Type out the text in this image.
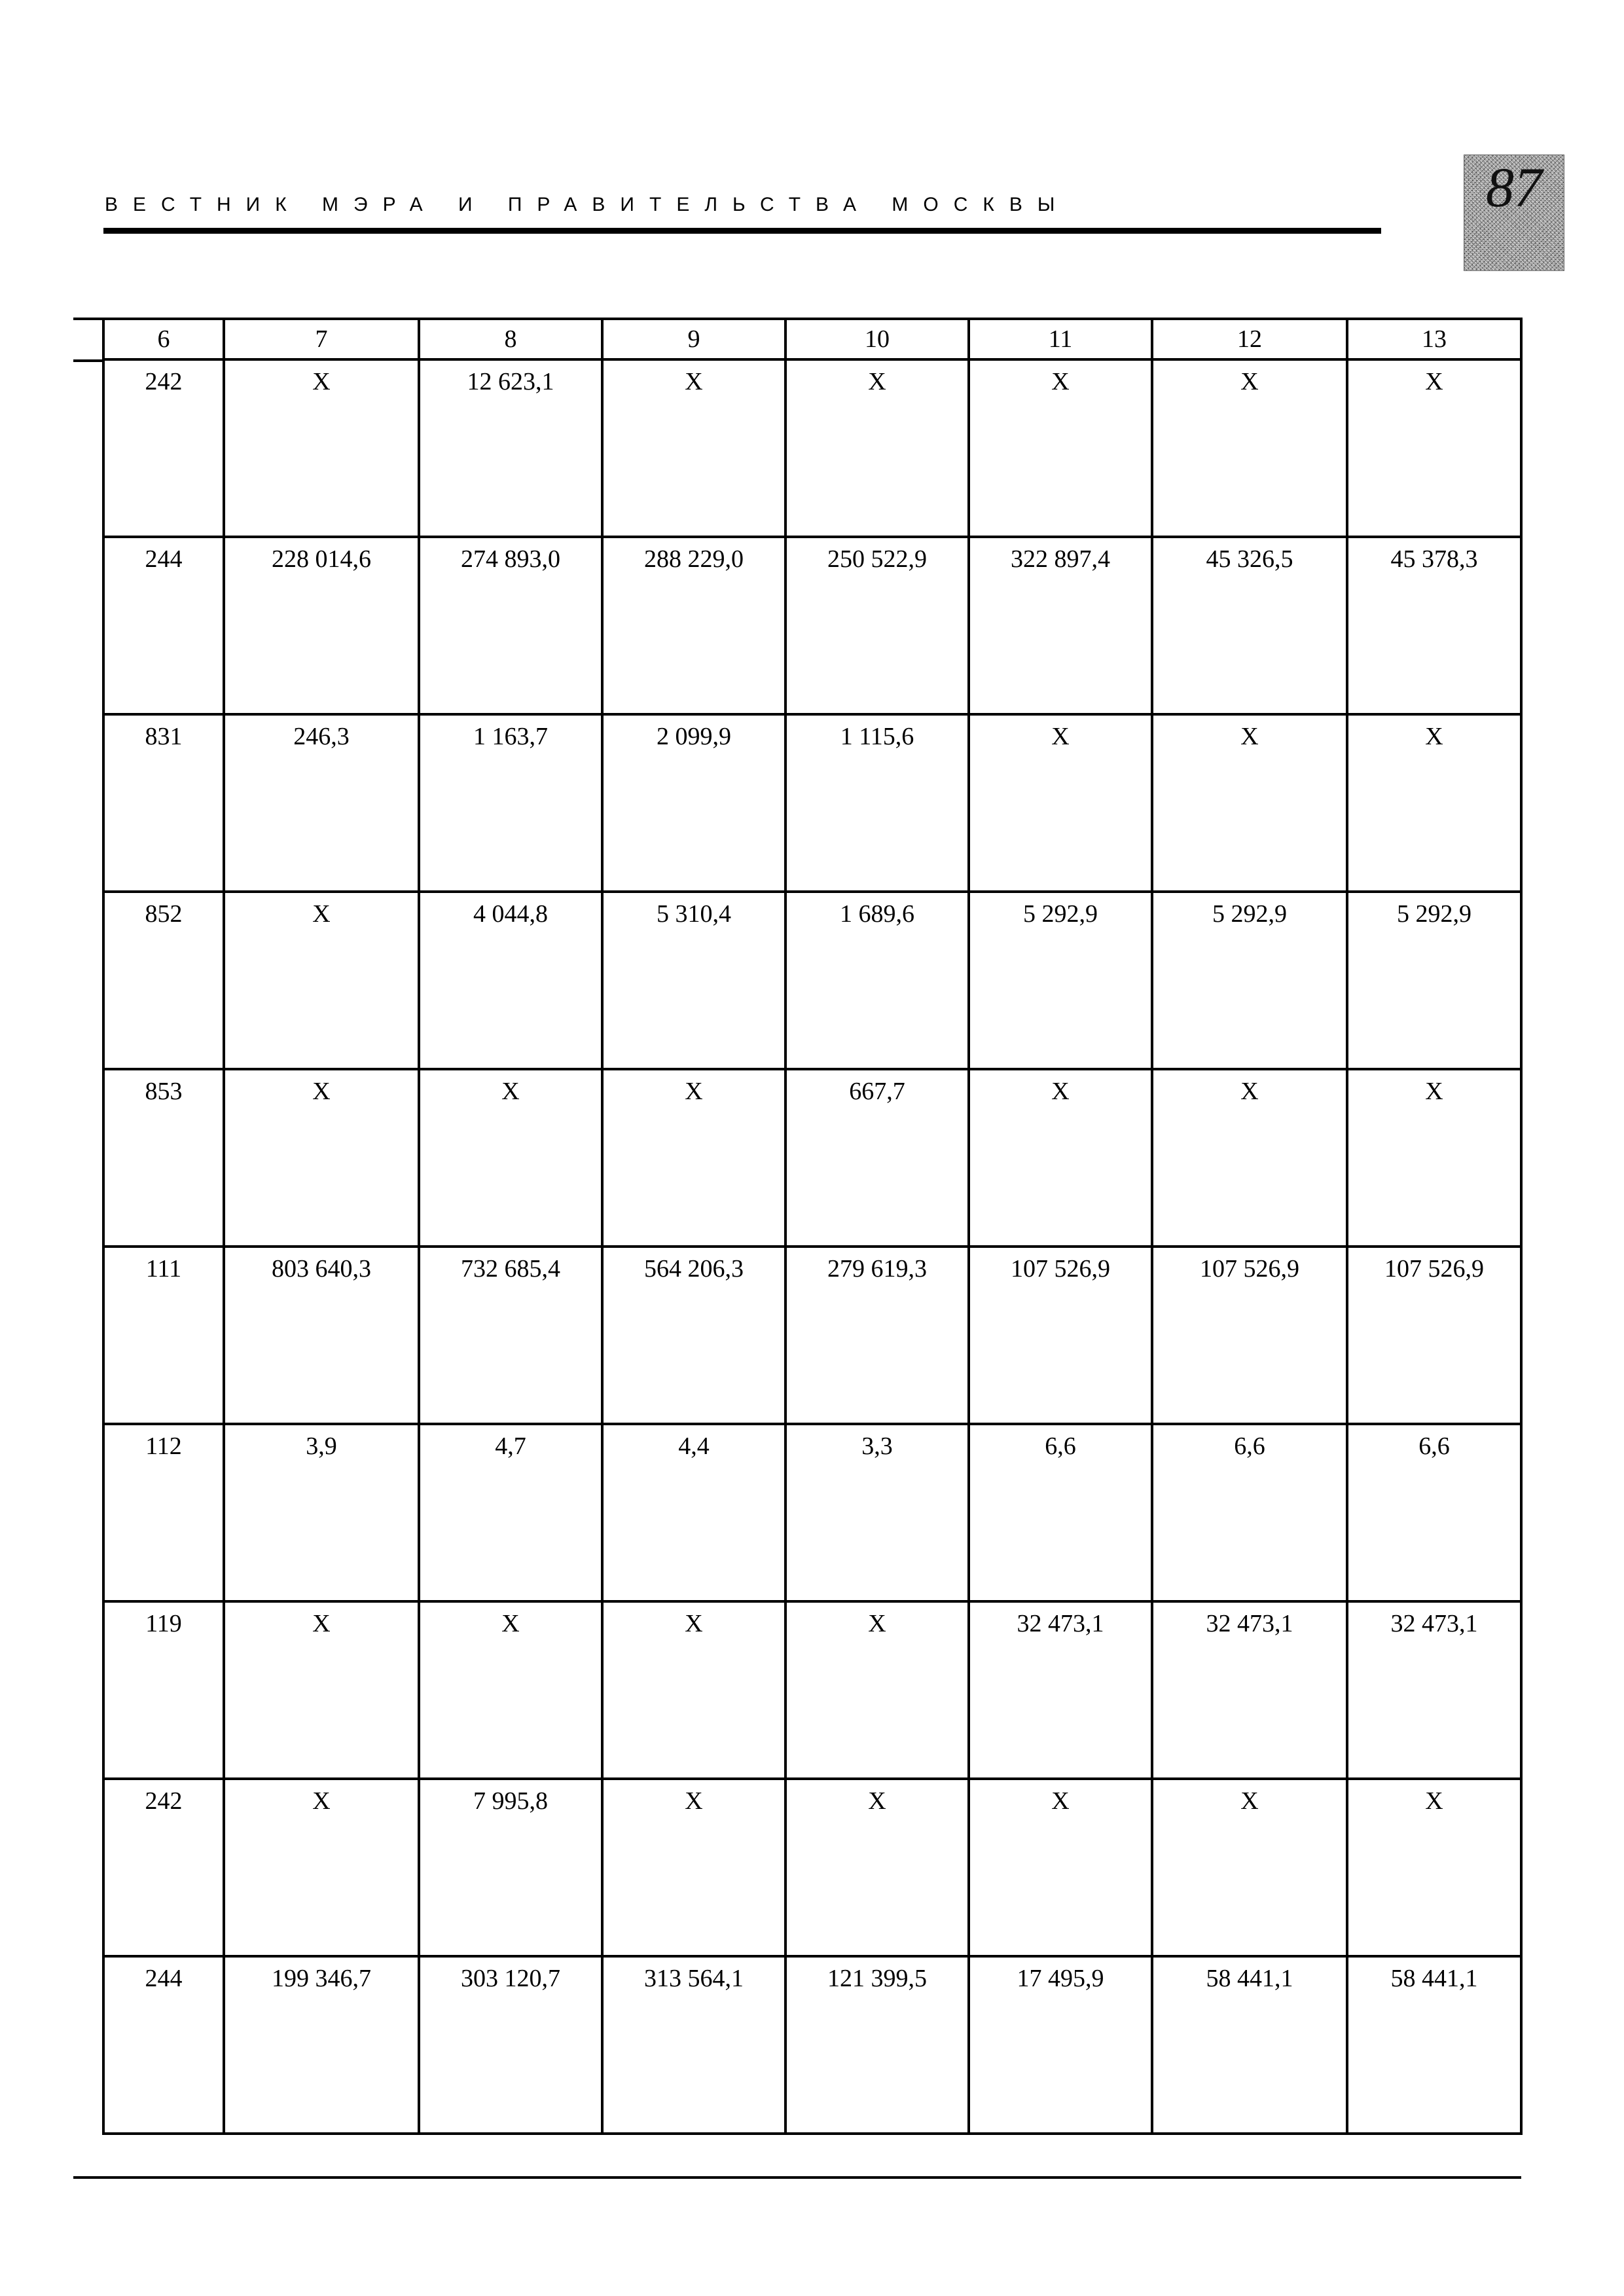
ВЕСТНИК МЭРА И ПРАВИТЕЛЬСТВА МОСКВЫ	87
6	7	8	9	10	11	12	13
242	X	12 623,1	X	X	X	X	X
244	228 014,6	274 893,0	288 229,0	250 522,9	322 897,4	45 326,5	45 378,3
831	246,3	1 163,7	2 099,9	1 115,6	X	X	X
852	X	4 044,8	5 310,4	1 689,6	5 292,9	5 292,9	5 292,9
853	X	X	X	667,7	X	X	X
111	803 640,3	732 685,4	564 206,3	279 619,3	107 526,9	107 526,9	107 526,9
112	3,9	4,7	4,4	3,3	6,6	6,6	6,6
119	X	X	X	X	32 473,1	32 473,1	32 473,1
242	X	7 995,8	X	X	X	X	X
244	199 346,7	303 120,7	313 564,1	121 399,5	17 495,9	58 441,1	58 441,1
